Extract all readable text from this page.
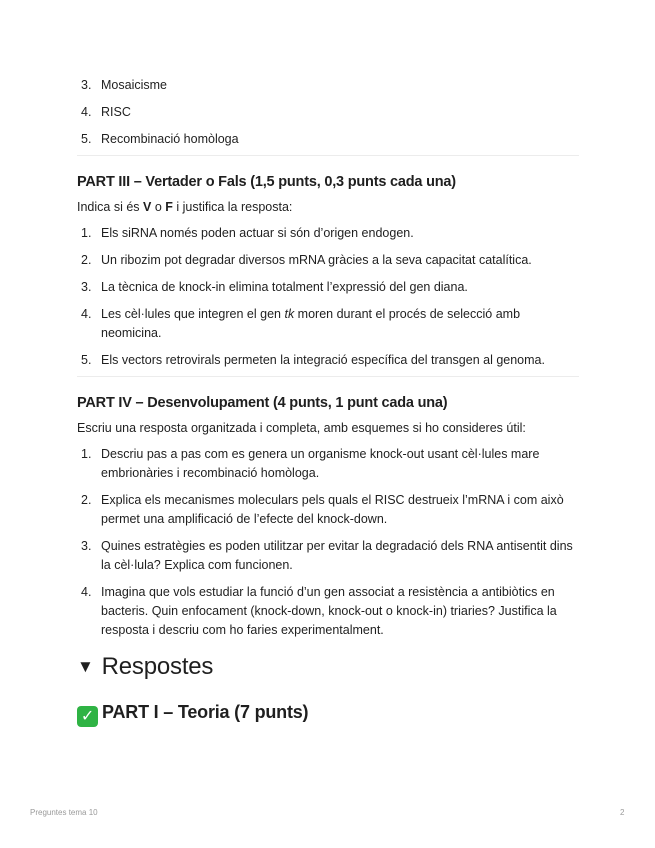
3. Mosaicisme
4. RISC
5. Recombinació homòloga
PART III – Vertader o Fals (1,5 punts, 0,3 punts cada una)

Indica si és V o F i justifica la resposta:

1. Els siRNA només poden actuar si són d’origen endogen.
2. Un ribozim pot degradar diversos mRNA gràcies a la seva capacitat catalítica.
3. La tècnica de knock-in elimina totalment l’expressió del gen diana.
4. Les cèl·lules que integren el gen tk moren durant el procés de selecció amb neomicina.
5. Els vectors retrovirals permeten la integració específica del transgen al genoma.
PART IV – Desenvolupament (4 punts, 1 punt cada una)

Escriu una resposta organitzada i completa, amb esquemes si ho consideres útil:

1. Descriu pas a pas com es genera un organisme knock-out usant cèl·lules mare embrionàries i recombinació homòloga.
2. Explica els mecanismes moleculars pels quals el RISC destrueix l’mRNA i com això permet una amplificació de l’efecte del knock-down.
3. Quines estratègies es poden utilitzar per evitar la degradació dels RNA antisentit dins la cèl·lula? Explica com funcionen.
4. Imagina que vols estudiar la funció d’un gen associat a resistència a antibiòtics en bacteris. Quin enfocament (knock-down, knock-out o knock-in) triaries? Justifica la resposta i descriu com ho faries experimentalment.
▼ Respostes
✓ PART I – Teoria (7 punts)
Preguntes tema 10	2
